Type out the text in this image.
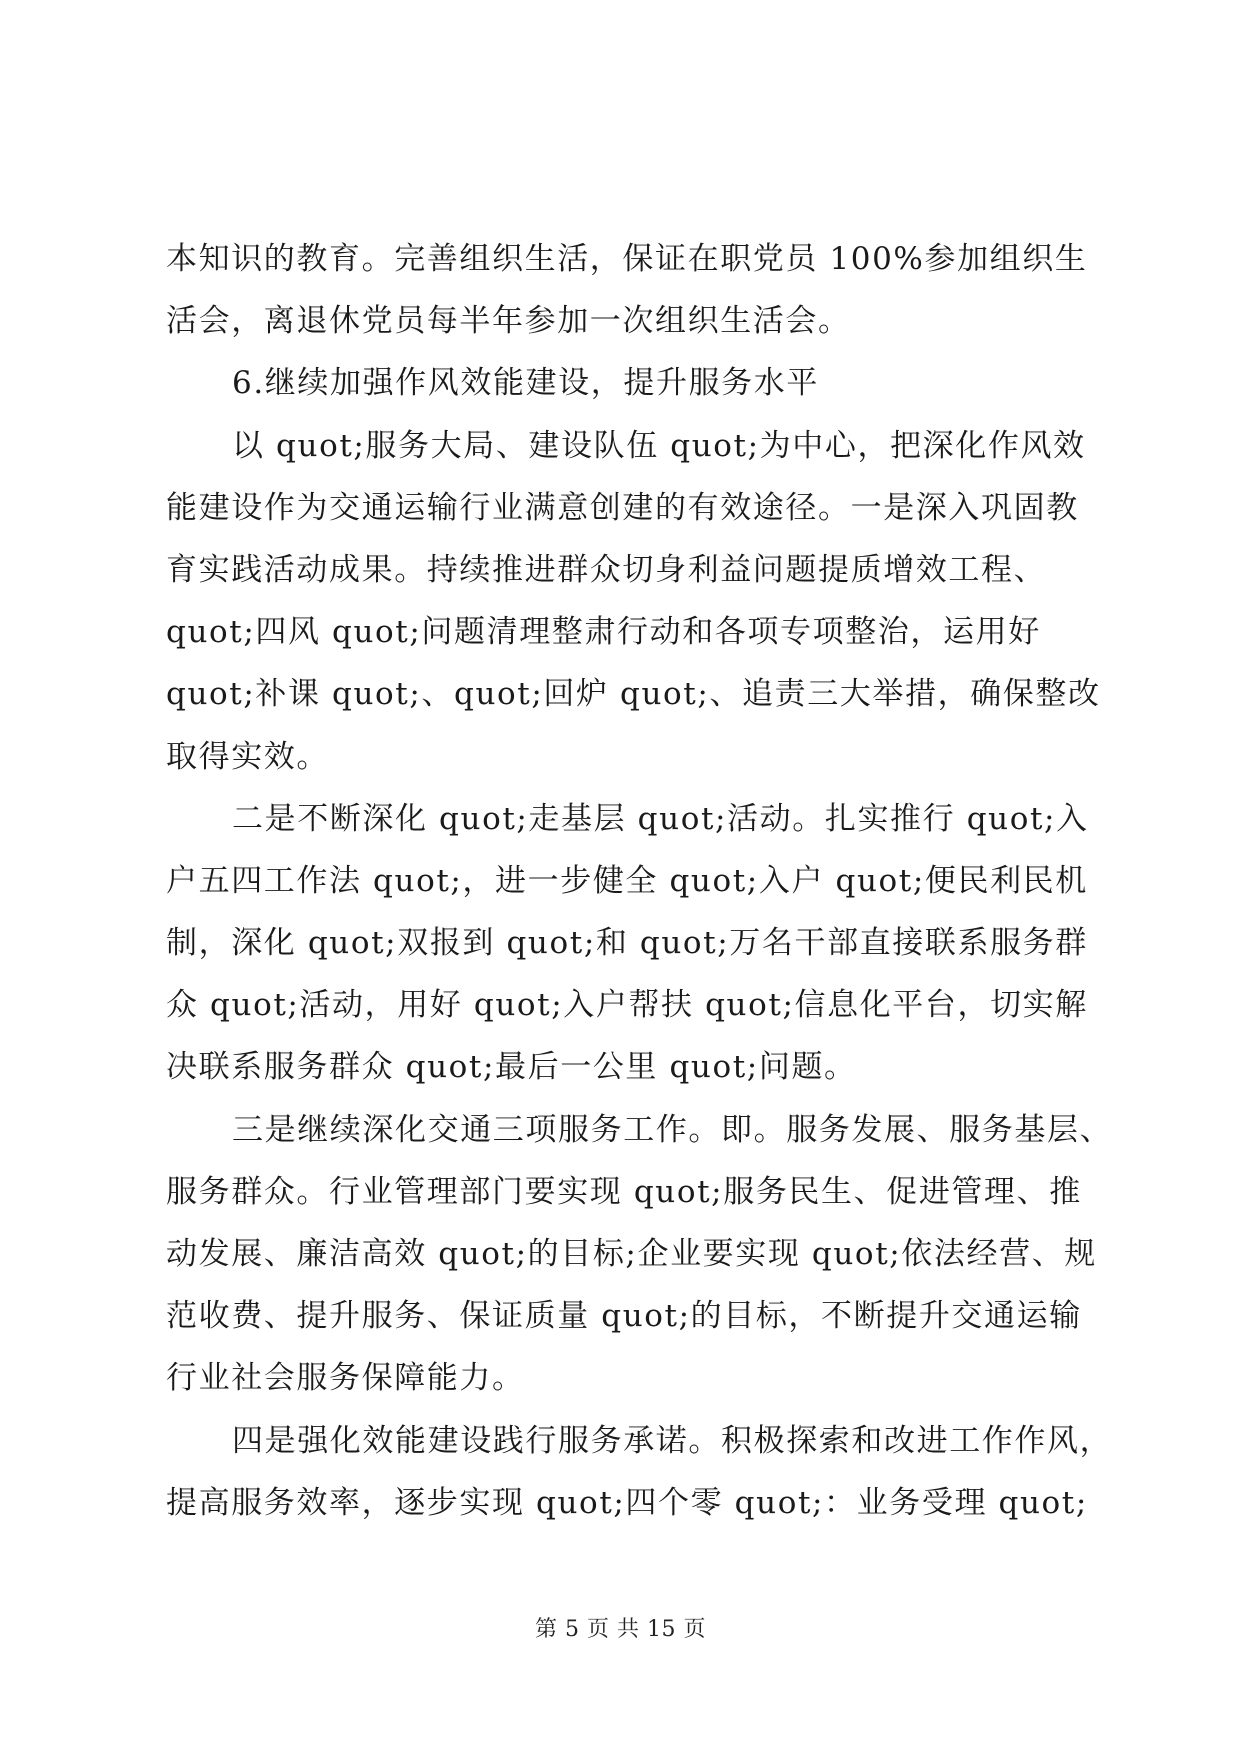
本知识的教育。完善组织生活，保证在职党员 100%参加组织生
活会，离退休党员每半年参加一次组织生活会。
6.继续加强作风效能建设，提升服务水平
以 quot;服务大局、建设队伍 quot;为中心，把深化作风效
能建设作为交通运输行业满意创建的有效途径。一是深入巩固教
育实践活动成果。持续推进群众切身利益问题提质增效工程、
quot;四风 quot;问题清理整肃行动和各项专项整治，运用好
quot;补课 quot;、quot;回炉 quot;、追责三大举措，确保整改
取得实效。
二是不断深化 quot;走基层 quot;活动。扎实推行 quot;入
户五四工作法 quot;，进一步健全 quot;入户 quot;便民利民机
制，深化 quot;双报到 quot;和 quot;万名干部直接联系服务群
众 quot;活动，用好 quot;入户帮扶 quot;信息化平台，切实解
决联系服务群众 quot;最后一公里 quot;问题。
三是继续深化交通三项服务工作。即。服务发展、服务基层、
服务群众。行业管理部门要实现 quot;服务民生、促进管理、推
动发展、廉洁高效 quot;的目标;企业要实现 quot;依法经营、规
范收费、提升服务、保证质量 quot;的目标，不断提升交通运输
行业社会服务保障能力。
四是强化效能建设践行服务承诺。积极探索和改进工作作风，
提高服务效率，逐步实现 quot;四个零 quot;：业务受理 quot;
第 5 页 共 15 页
